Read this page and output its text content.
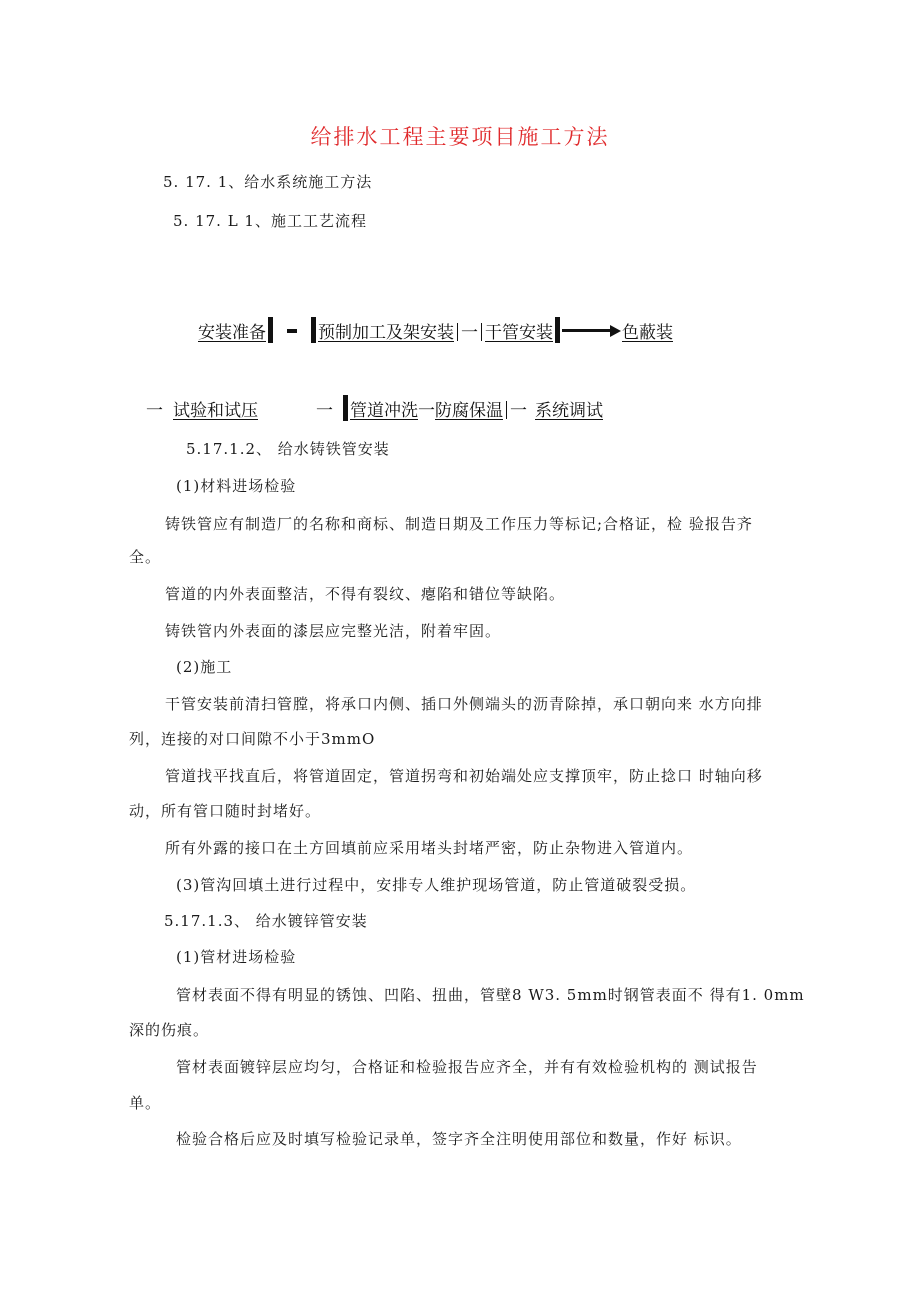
给排水工程主要项目施工方法
5. 17. 1、给水系统施工方法
5. 17. L 1、施工工艺流程
安装准备	预制加工及架安装 一 干管安装	色蔽装
一 试验和试压	一 管道冲洗一防腐保温 一 系统调试
5.17.1.2、 给水铸铁管安装
(1)材料进场检验
铸铁管应有制造厂的名称和商标、制造日期及工作压力等标记;合格证，检 验报告齐
全。
管道的内外表面整洁，不得有裂纹、瘪陷和错位等缺陷。
铸铁管内外表面的漆层应完整光洁，附着牢固。
(2)施工
干管安装前清扫管膛，将承口内侧、插口外侧端头的沥青除掉，承口朝向来 水方向排
列，连接的对口间隙不小于3mmO
管道找平找直后，将管道固定，管道拐弯和初始端处应支撑顶牢，防止捻口 时轴向移
动，所有管口随时封堵好。
所有外露的接口在土方回填前应采用堵头封堵严密，防止杂物进入管道内。
(3)管沟回填土进行过程中，安排专人维护现场管道，防止管道破裂受损。
5.17.1.3、 给水镀锌管安装
(1)管材进场检验
管材表面不得有明显的锈蚀、凹陷、扭曲，管壁8 W3. 5mm时钢管表面不 得有1. 0mm
深的伤痕。
管材表面镀锌层应均匀，合格证和检验报告应齐全，并有有效检验机构的 测试报告
单。
检验合格后应及时填写检验记录单，签字齐全注明使用部位和数量，作好 标识。
